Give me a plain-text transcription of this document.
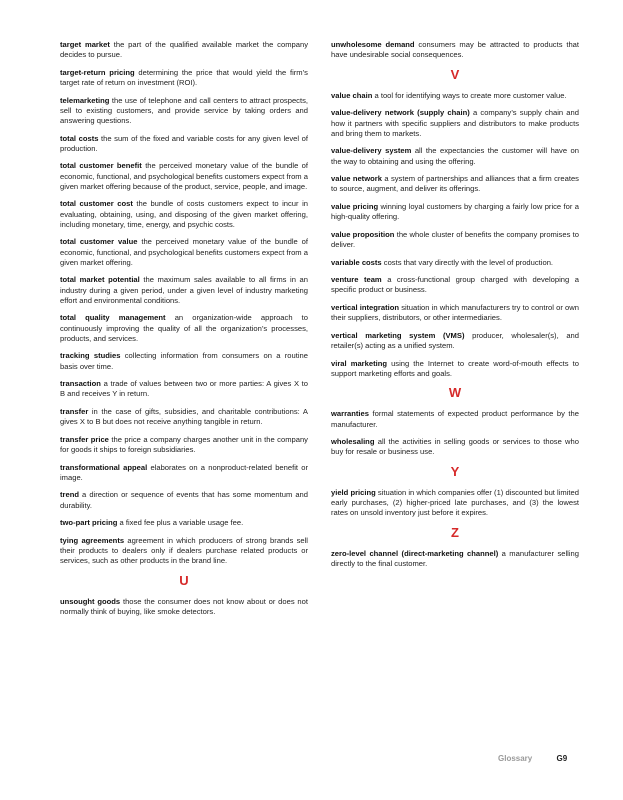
target market the part of the qualified available market the company decides to pursue.

target-return pricing determining the price that would yield the firm’s target rate of return on investment (ROI).

telemarketing the use of telephone and call centers to attract prospects, sell to existing customers, and provide service by taking orders and answering questions.

total costs the sum of the fixed and variable costs for any given level of production.

total customer benefit the perceived monetary value of the bundle of economic, functional, and psychological benefits customers expect from a given market offering because of the product, service, people, and image.

total customer cost the bundle of costs customers expect to incur in evaluating, obtaining, using, and disposing of the given market offering, including monetary, time, energy, and psychic costs.

total customer value the perceived monetary value of the bundle of economic, functional, and psychological benefits customers expect from a given market offering.

total market potential the maximum sales available to all firms in an industry during a given period, under a given level of industry marketing effort and environmental conditions.

total quality management an organization-wide approach to continuously improving the quality of all the organization’s processes, products, and services.

tracking studies collecting information from consumers on a routine basis over time.

transaction a trade of values between two or more parties: A gives X to B and receives Y in return.

transfer in the case of gifts, subsidies, and charitable contributions: A gives X to B but does not receive anything tangible in return.

transfer price the price a company charges another unit in the company for goods it ships to foreign subsidiaries.

transformational appeal elaborates on a nonproduct-related benefit or image.

trend a direction or sequence of events that has some momentum and durability.

two-part pricing a fixed fee plus a variable usage fee.

tying agreements agreement in which producers of strong brands sell their products to dealers only if dealers purchase related products or services, such as other products in the brand line.

U

unsought goods those the consumer does not know about or does not normally think of buying, like smoke detectors.

unwholesome demand consumers may be attracted to products that have undesirable social consequences.

V

value chain a tool for identifying ways to create more customer value.

value-delivery network (supply chain) a company’s supply chain and how it partners with specific suppliers and distributors to make products and bring them to markets.

value-delivery system all the expectancies the customer will have on the way to obtaining and using the offering.

value network a system of partnerships and alliances that a firm creates to source, augment, and deliver its offerings.

value pricing winning loyal customers by charging a fairly low price for a high-quality offering.

value proposition the whole cluster of benefits the company promises to deliver.

variable costs costs that vary directly with the level of production.

venture team a cross-functional group charged with developing a specific product or business.

vertical integration situation in which manufacturers try to control or own their suppliers, distributors, or other intermediaries.

vertical marketing system (VMS) producer, wholesaler(s), and retailer(s) acting as a unified system.

viral marketing using the Internet to create word-of-mouth effects to support marketing efforts and goals.

W

warranties formal statements of expected product performance by the manufacturer.

wholesaling all the activities in selling goods or services to those who buy for resale or business use.

Y

yield pricing situation in which companies offer (1) discounted but limited early purchases, (2) higher-priced late purchases, and (3) the lowest rates on unsold inventory just before it expires.

Z

zero-level channel (direct-marketing channel) a manufacturer selling directly to the final customer.

Glossary	G9
